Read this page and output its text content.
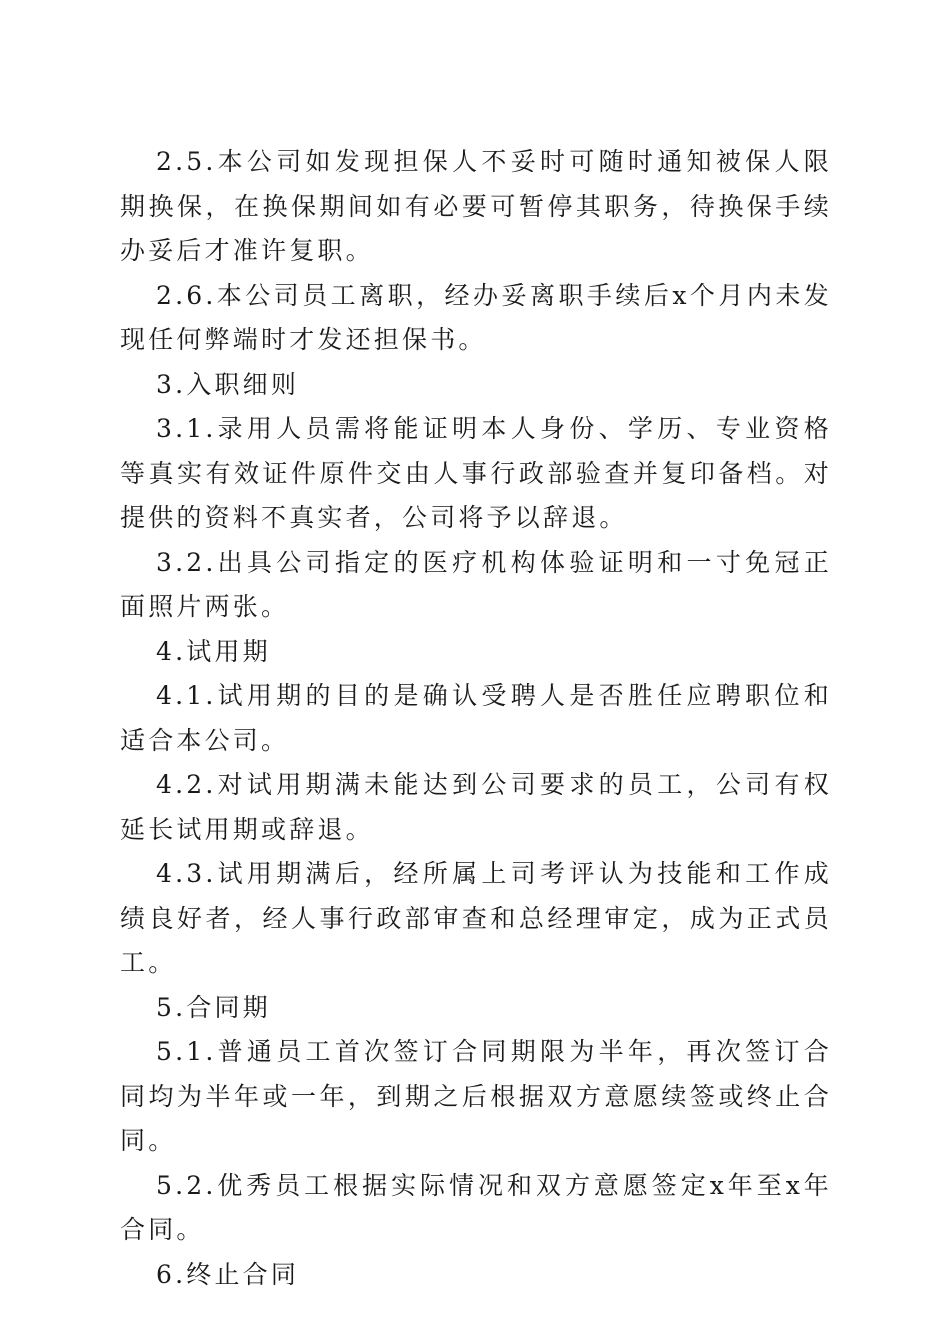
2.5.本公司如发现担保人不妥时可随时通知被保人限期换保，在换保期间如有必要可暂停其职务，待换保手续办妥后才准许复职。

2.6.本公司员工离职，经办妥离职手续后x个月内未发现任何弊端时才发还担保书。

3.入职细则

3.1.录用人员需将能证明本人身份、学历、专业资格等真实有效证件原件交由人事行政部验查并复印备档。对提供的资料不真实者，公司将予以辞退。

3.2.出具公司指定的医疗机构体验证明和一寸免冠正面照片两张。

4.试用期

4.1.试用期的目的是确认受聘人是否胜任应聘职位和适合本公司。

4.2.对试用期满未能达到公司要求的员工，公司有权延长试用期或辞退。

4.3.试用期满后，经所属上司考评认为技能和工作成绩良好者，经人事行政部审查和总经理审定，成为正式员工。

5.合同期

5.1.普通员工首次签订合同期限为半年，再次签订合同均为半年或一年，到期之后根据双方意愿续签或终止合同。

5.2.优秀员工根据实际情况和双方意愿签定x年至x年合同。

6.终止合同
